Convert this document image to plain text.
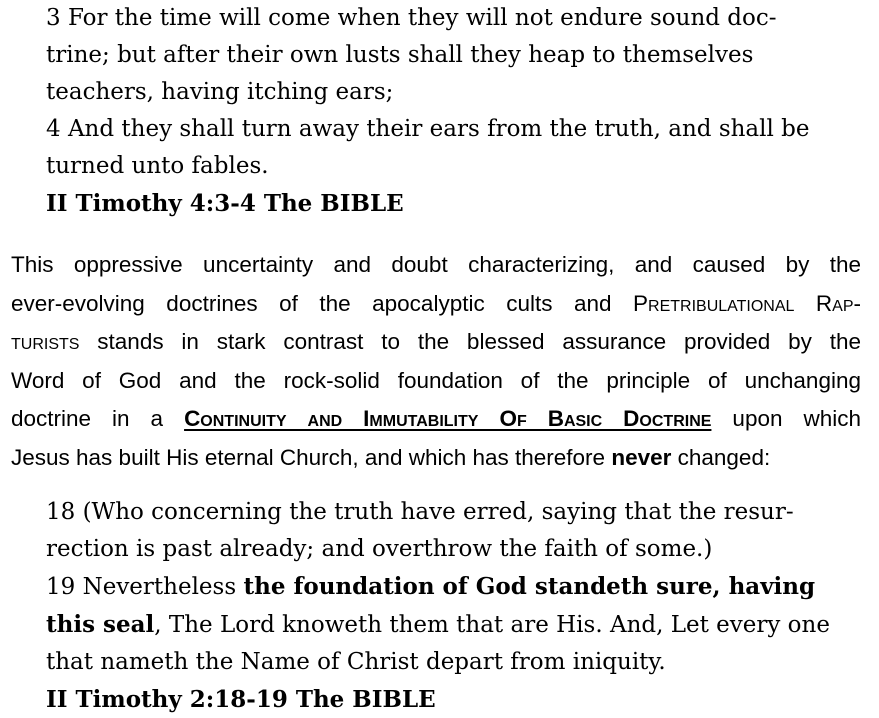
3 For the time will come when they will not endure sound doc-
trine; but after their own lusts shall they heap to themselves
teachers, having itching ears;
4 And they shall turn away their ears from the truth, and shall be
turned unto fables.
II Timothy 4:3-4 The BIBLE
This oppressive uncertainty and doubt characterizing, and caused by the
ever-evolving doctrines of the apocalyptic cults and Pretribulational Rap-
turists stands in stark contrast to the blessed assurance provided by the
Word of God and the rock-solid foundation of the principle of unchanging
doctrine in a Continuity and Immutability Of Basic Doctrine upon which
Jesus has built His eternal Church, and which has therefore never changed:
18 (Who concerning the truth have erred, saying that the resur-
rection is past already; and overthrow the faith of some.)
19 Nevertheless the foundation of God standeth sure, having
this seal, The Lord knoweth them that are His. And, Let every one
that nameth the Name of Christ depart from iniquity.
II Timothy 2:18-19 The BIBLE
